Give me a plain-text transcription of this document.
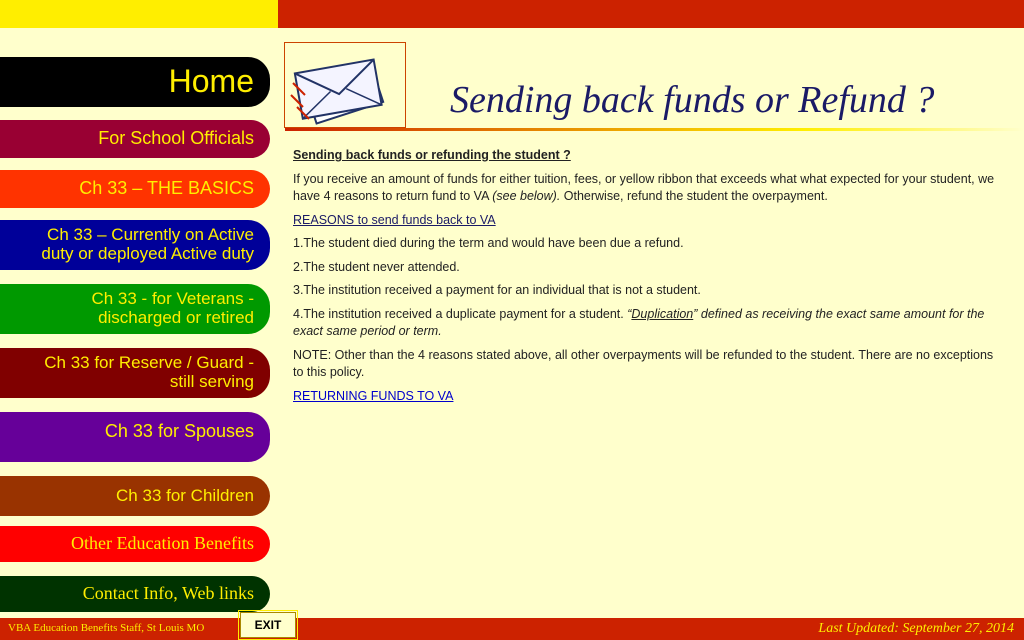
Home
For School Officials
Ch 33 – THE BASICS
Ch 33 – Currently on Active
duty or deployed Active duty
Ch 33 - for Veterans -
discharged or retired
Ch 33 for Reserve / Guard -
still serving
Ch 33 for Spouses
Ch 33 for Children
Other Education Benefits
Contact Info, Web links
Sending back funds or Refund ?

Sending back funds or refunding the student ?

If you receive an amount of funds for either tuition, fees, or yellow ribbon that exceeds what what expected for your student, we have 4 reasons to return fund to VA (see below). Otherwise, refund the student the overpayment.

REASONS to send funds back to VA

1.The student died during the term and would have been due a refund.

2.The student never attended.

3.The institution received a payment for an individual that is not a student.

4.The institution received a duplicate payment for a student. “Duplication” defined as receiving the exact same amount for the exact same period or term.

NOTE: Other than the 4 reasons stated above, all other overpayments will be refunded to the student. There are no exceptions to this policy.

RETURNING FUNDS TO VA

VBA Education Benefits Staff, St Louis MO	EXIT	Last Updated: September 27, 2014
